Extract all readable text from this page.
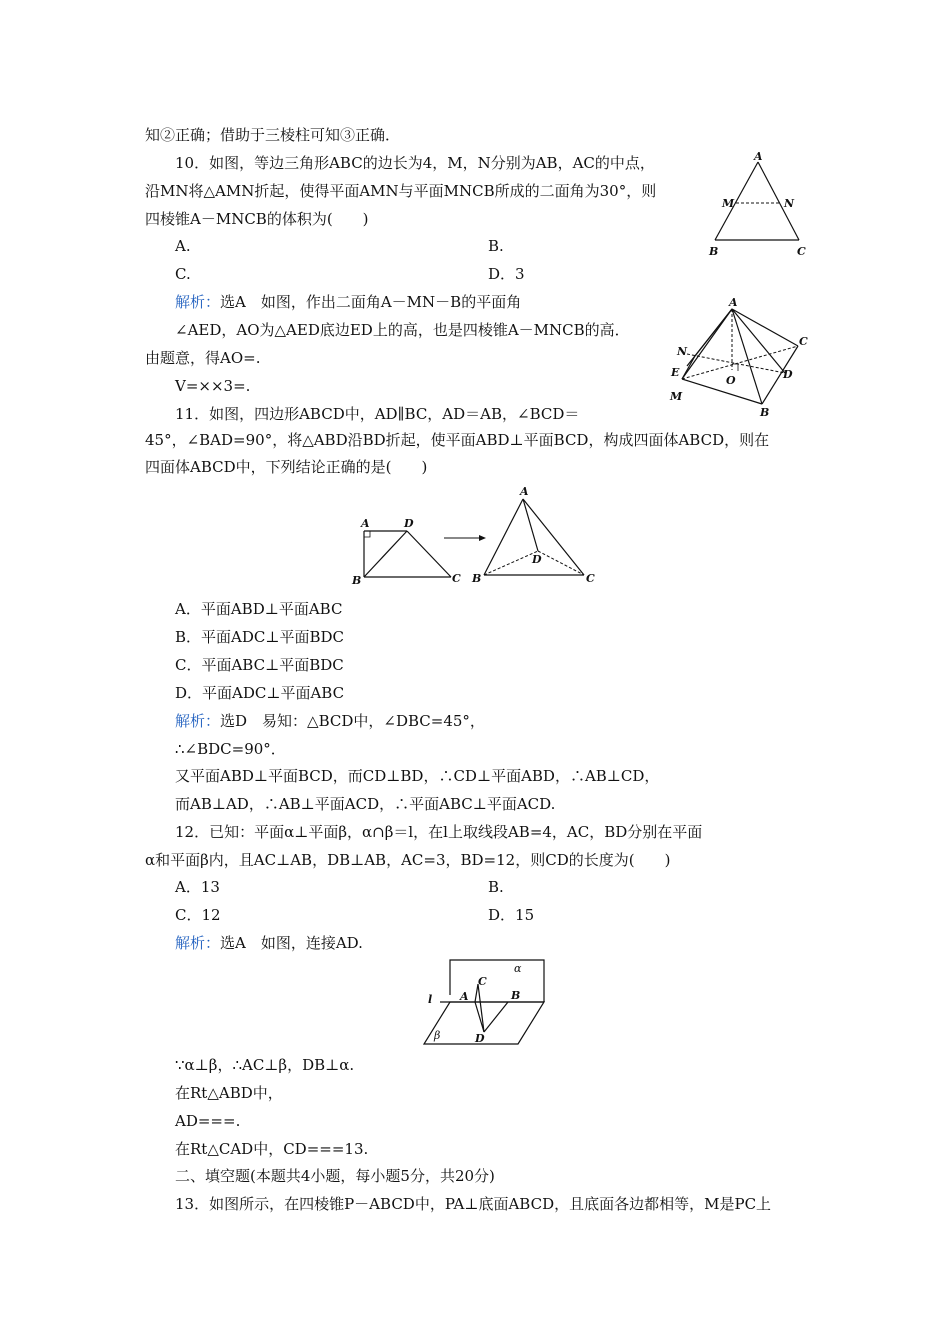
知②正确；借助于三棱柱可知③正确．
10．如图，等边三角形ABC的边长为4，M，N分别为AB，AC的中点，
沿MN将△AMN折起，使得平面AMN与平面MNCB所成的二面角为30°，则
四棱锥A－MNCB的体积为(　　)
A.	B.
C.	D．3
解析：选A　如图，作出二面角A－MN－B的平面角
∠AED，AO为△AED底边ED上的高，也是四棱锥A－MNCB的高．
由题意，得AO=.
V=××3=.
11．如图，四边形ABCD中，AD∥BC，AD＝AB，∠BCD＝
45°，∠BAD=90°，将△ABD沿BD折起，使平面ABD⊥平面BCD，构成四面体ABCD，则在
四面体ABCD中，下列结论正确的是(　　)
A．平面ABD⊥平面ABC
B．平面ADC⊥平面BDC
C．平面ABC⊥平面BDC
D．平面ADC⊥平面ABC
解析：选D　易知：△BCD中，∠DBC=45°，
∴∠BDC=90°．
又平面ABD⊥平面BCD，而CD⊥BD，∴CD⊥平面ABD，∴AB⊥CD，
而AB⊥AD，∴AB⊥平面ACD，∴平面ABC⊥平面ACD.
12．已知：平面α⊥平面β，α∩β＝l，在l上取线段AB=4，AC，BD分别在平面
α和平面β内，且AC⊥AB，DB⊥AB，AC=3，BD=12，则CD的长度为(　　)
A．13	B.
C．12	D．15
解析：选A　如图，连接AD.
∵α⊥β，∴AC⊥β，DB⊥α.
在Rt△ABD中，
AD===.
在Rt△CAD中，CD===13.
二、填空题(本题共4小题，每小题5分，共20分)
13．如图所示，在四棱锥P－ABCD中，PA⊥底面ABCD，且底面各边都相等，M是PC上
A
M	N
B	C
A
N
C
E
O	D
M
B
A	D
B	C
A
D
B	C
C
α
l	A	B
β	D
